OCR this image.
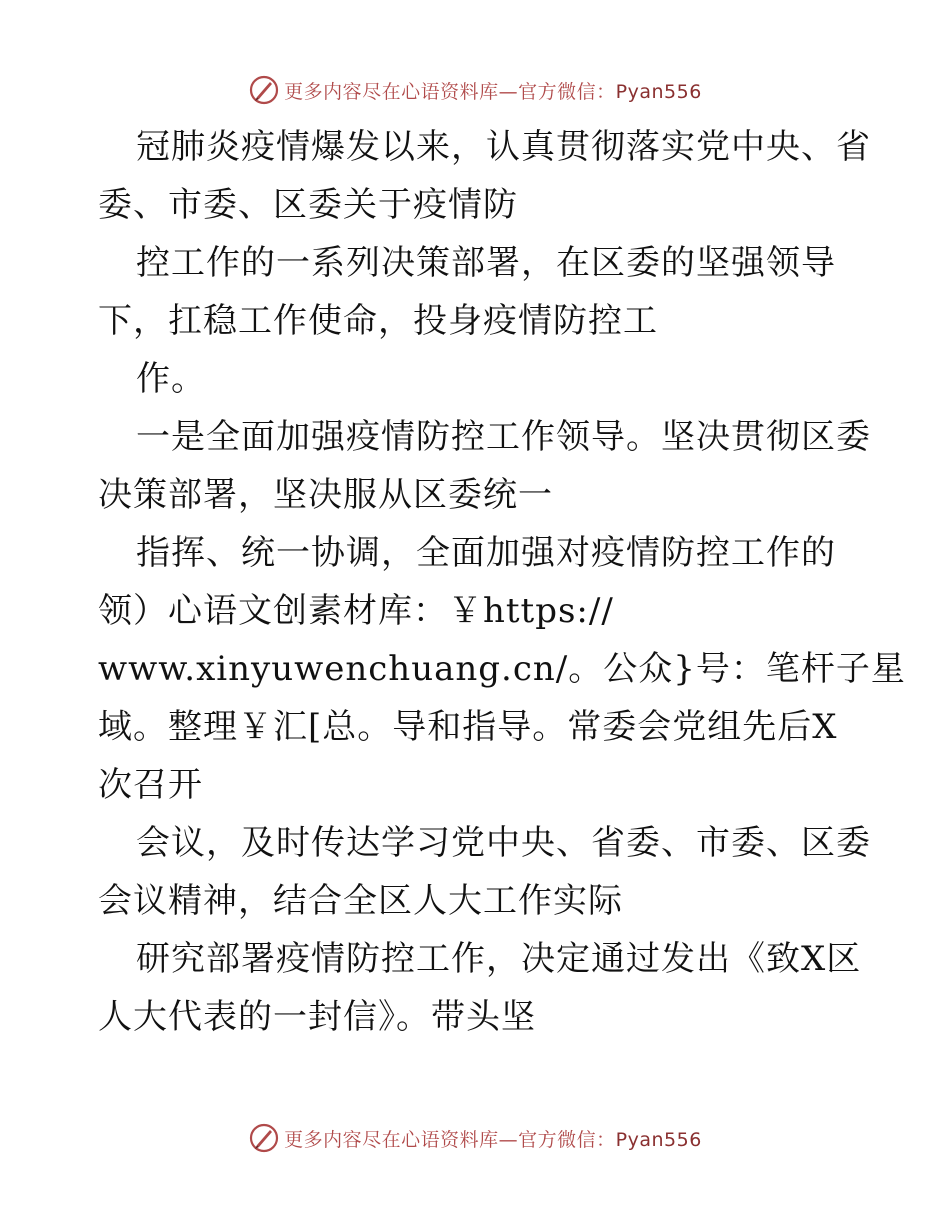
更多内容尽在心语资料库—官方微信：Pyan556
冠肺炎疫情爆发以来，认真贯彻落实党中央、省
委、市委、区委关于疫情防
控工作的一系列决策部署，在区委的坚强领导
下，扛稳工作使命，投身疫情防控工
作。
一是全面加强疫情防控工作领导。坚决贯彻区委
决策部署，坚决服从区委统一
指挥、统一协调，全面加强对疫情防控工作的
领）心语文创素材库：￥https://
www.xinyuwenchuang.cn/。公众}号：笔杆子星
域。整理￥汇[总。导和指导。常委会党组先后X
次召开
会议，及时传达学习党中央、省委、市委、区委
会议精神，结合全区人大工作实际
研究部署疫情防控工作，决定通过发出《致X区
人大代表的一封信》。带头坚
更多内容尽在心语资料库—官方微信：Pyan556
